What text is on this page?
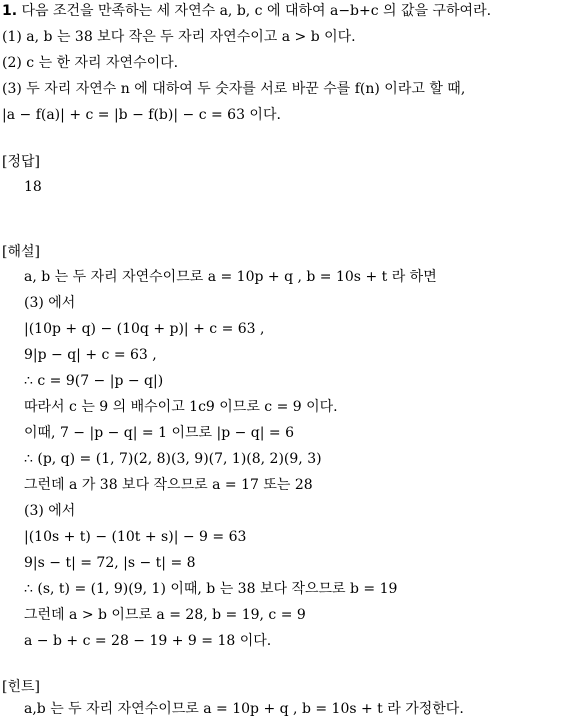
1. 다음 조건을 만족하는 세 자연수 a, b, c 에 대하여 a−b+c 의 값을 구하여라.
(1) a, b 는 38 보다 작은 두 자리 자연수이고 a > b 이다.
(2) c 는 한 자리 자연수이다.
(3) 두 자리 자연수 n 에 대하여 두 숫자를 서로 바꾼 수를 f(n) 이라고 할 때,
|a − f(a)| + c = |b − f(b)| − c = 63 이다.
[정답]
18
[해설]
a, b 는 두 자리 자연수이므로 a = 10p + q , b = 10s + t 라 하면
(3) 에서
|(10p + q) − (10q + p)| + c = 63 ,
9|p − q| + c = 63 ,
∴ c = 9(7 − |p − q|)
따라서 c 는 9 의 배수이고 1c9 이므로 c = 9 이다.
이때, 7 − |p − q| = 1 이므로 |p − q| = 6
∴ (p, q) = (1, 7)(2, 8)(3, 9)(7, 1)(8, 2)(9, 3)
그런데 a 가 38 보다 작으므로 a = 17 또는 28
(3) 에서
|(10s + t) − (10t + s)| − 9 = 63
9|s − t| = 72, |s − t| = 8
∴ (s, t) = (1, 9)(9, 1) 이때, b 는 38 보다 작으므로 b = 19
그런데 a > b 이므로 a = 28, b = 19, c = 9
a − b + c = 28 − 19 + 9 = 18 이다.
[힌트]
a,b 는 두 자리 자연수이므로 a = 10p + q , b = 10s + t 라 가정한다.
